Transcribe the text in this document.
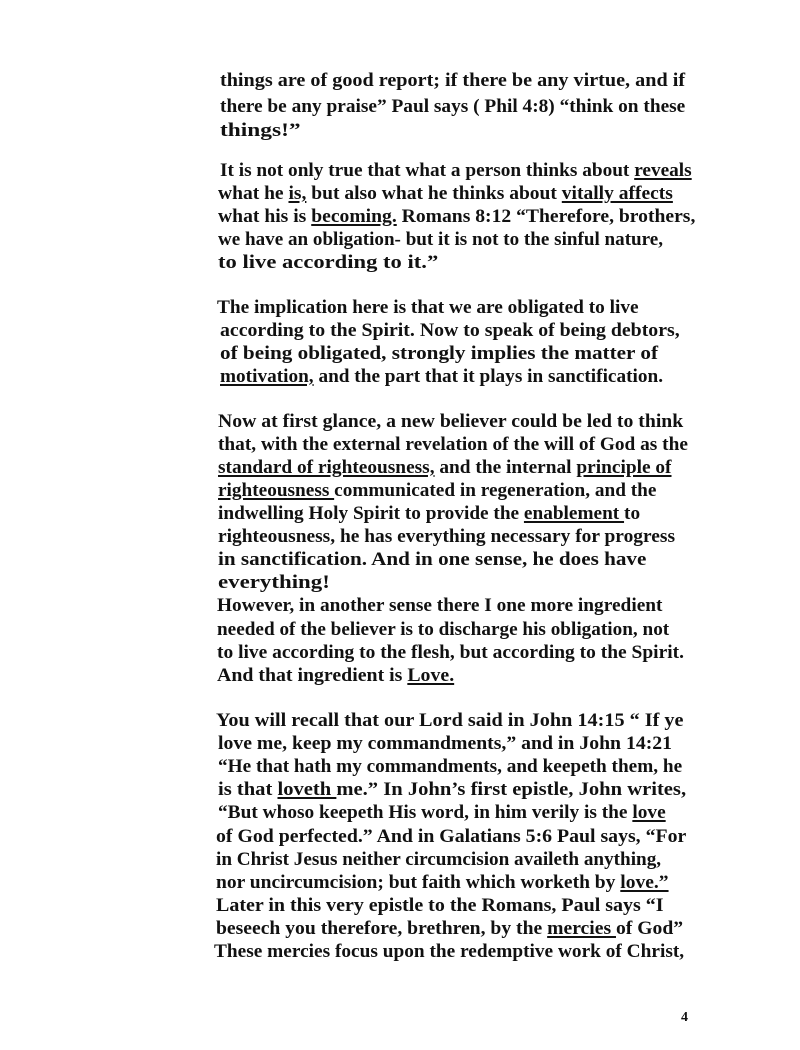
things are of good report; if there be any virtue, and if
there be any praise” Paul says ( Phil 4:8) “think on these
things!”
It is not only true that what a person thinks about reveals
what he is, but also what he thinks about vitally affects
what his is becoming. Romans 8:12 “Therefore, brothers,
we have an obligation- but it is not to the sinful nature,
to live according to it.”
The implication here is that we are obligated to live
according to the Spirit. Now to speak of being debtors,
of being obligated, strongly implies the matter of
motivation, and the part that it plays in sanctification.
Now at first glance, a new believer could be led to think
that, with the external revelation of the will of God as the
standard of righteousness, and the internal principle of
righteousness communicated in regeneration, and the
indwelling Holy Spirit to provide the enablement to
righteousness, he has everything necessary for progress
in sanctification. And in one sense, he does have
everything!
However, in another sense there I one more ingredient
needed of the believer is to discharge his obligation, not
to live according to the flesh, but according to the Spirit.
And that ingredient is Love.
You will recall that our Lord said in John 14:15 “ If ye
love me, keep my commandments,” and in John 14:21
“He that hath my commandments, and keepeth them, he
is that loveth me.” In John’s first epistle, John writes,
“But whoso keepeth His word, in him verily is the love
of God perfected.” And in Galatians 5:6 Paul says, “For
in Christ Jesus neither circumcision availeth anything,
nor uncircumcision; but faith which worketh by love.”
Later in this very epistle to the Romans, Paul says “I
beseech you therefore, brethren, by the mercies of God”
These mercies focus upon the redemptive work of Christ,
4
